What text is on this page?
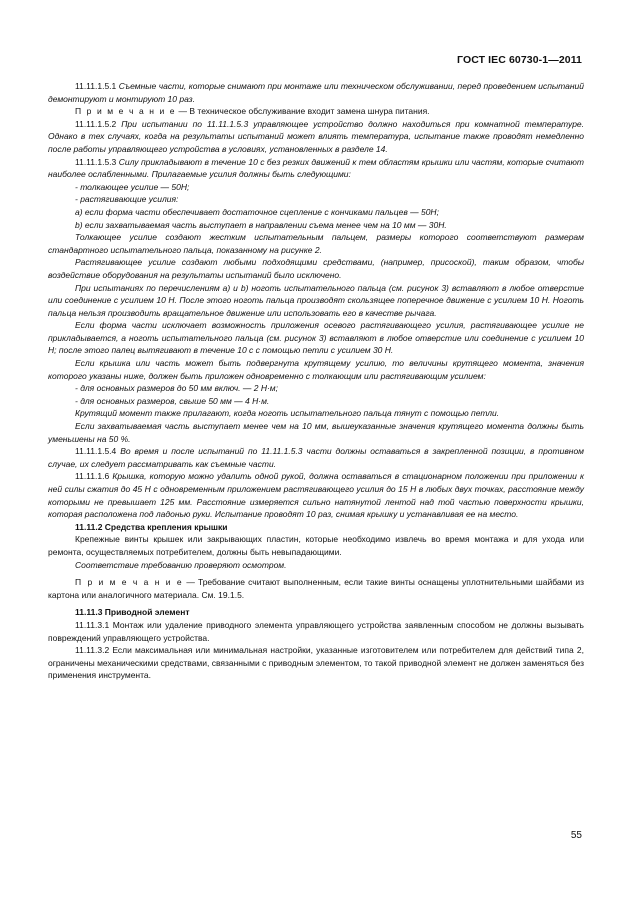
ГОСТ IEC 60730-1—2011

11.11.1.5.1 Съемные части, которые снимают при монтаже или техническом обслуживании, перед проведением испытаний демонтируют и монтируют 10 раз.

П р и м е ч а н и е — В техническое обслуживание входит замена шнура питания.

11.11.1.5.2 При испытании по 11.11.1.5.3 управляющее устройство должно находиться при комнатной температуре. Однако в тех случаях, когда на результаты испытаний может влиять температура, испытание также проводят немедленно после работы управляющего устройства в условиях, установленных в разделе 14.

11.11.1.5.3 Силу прикладывают в течение 10 с без резких движений к тем областям крышки или частям, которые считают наиболее ослабленными. Прилагаемые усилия должны быть следующими:

- толкающее усилие — 50Н;

- растягивающие усилия:

а) если форма части обеспечивает достаточное сцепление с кончиками пальцев — 50Н;

b) если захватываемая часть выступает в направлении съема менее чем на 10 мм — 30Н.

Толкающее усилие создают жестким испытательным пальцем, размеры которого соответствуют размерам стандартного испытательного пальца, показанному на рисунке 2.

Растягивающее усилие создают любыми подходящими средствами, (например, присоской), таким образом, чтобы воздействие оборудования на результаты испытаний было исключено.

При испытаниях по перечислениям а) и b) ноготь испытательного пальца (см. рисунок 3) вставляют в любое отверстие или соединение с усилием 10 Н. После этого ноготь пальца производят скользящее поперечное движение с усилием 10 Н. Ноготь пальца нельзя производить вращательное движение или использовать его в качестве рычага.

Если форма части исключает возможность приложения осевого растягивающего усилия, растягивающее усилие не прикладывается, а ноготь испытательного пальца (см. рисунок 3) вставляют в любое отверстие или соединение с усилием 10 Н; после этого палец вытягивают в течение 10 с с помощью петли с усилием 30 Н.

Если крышка или часть может быть подвергнута крутящему усилию, то величины крутящего момента, значения которого указаны ниже, должен быть приложен одновременно с толкающим или растягивающим усилием:

- для основных размеров до 50 мм включ. — 2 Н·м;

- для основных размеров, свыше 50 мм — 4 Н·м.

Крутящий момент также прилагают, когда ноготь испытательного пальца тянут с помощью петли.

Если захватываемая часть выступает менее чем на 10 мм, вышеуказанные значения крутящего момента должны быть уменьшены на 50 %.

11.11.1.5.4 Во время и после испытаний по 11.11.1.5.3 части должны оставаться в закрепленной позиции, в противном случае, их следует рассматривать как съемные части.

11.11.1.6 Крышка, которую можно удалить одной рукой, должна оставаться в стационарном положении при приложении к ней силы сжатия до 45 Н с одновременным приложением растягивающего усилия до 15 Н в любых двух точках, расстояние между которыми не превышает 125 мм. Расстояние измеряется сильно натянутой лентой над той частью поверхности крышки, которая расположена под ладонью руки. Испытание проводят 10 раз, снимая крышку и устанавливая ее на место.

11.11.2 Средства крепления крышки

Крепежные винты крышек или закрывающих пластин, которые необходимо извлечь во время монтажа и для ухода или ремонта, осуществляемых потребителем, должны быть невыпадающими.

Соответствие требованию проверяют осмотром.

П р и м е ч а н и е — Требование считают выполненным, если такие винты оснащены уплотнительными шайбами из картона или аналогичного материала. См. 19.1.5.

11.11.3 Приводной элемент

11.11.3.1 Монтаж или удаление приводного элемента управляющего устройства заявленным способом не должны вызывать повреждений управляющего устройства.

11.11.3.2 Если максимальная или минимальная настройки, указанные изготовителем или потребителем для действий типа 2, ограничены механическими средствами, связанными с приводным элементом, то такой приводной элемент не должен заменяться без применения инструмента.

55
